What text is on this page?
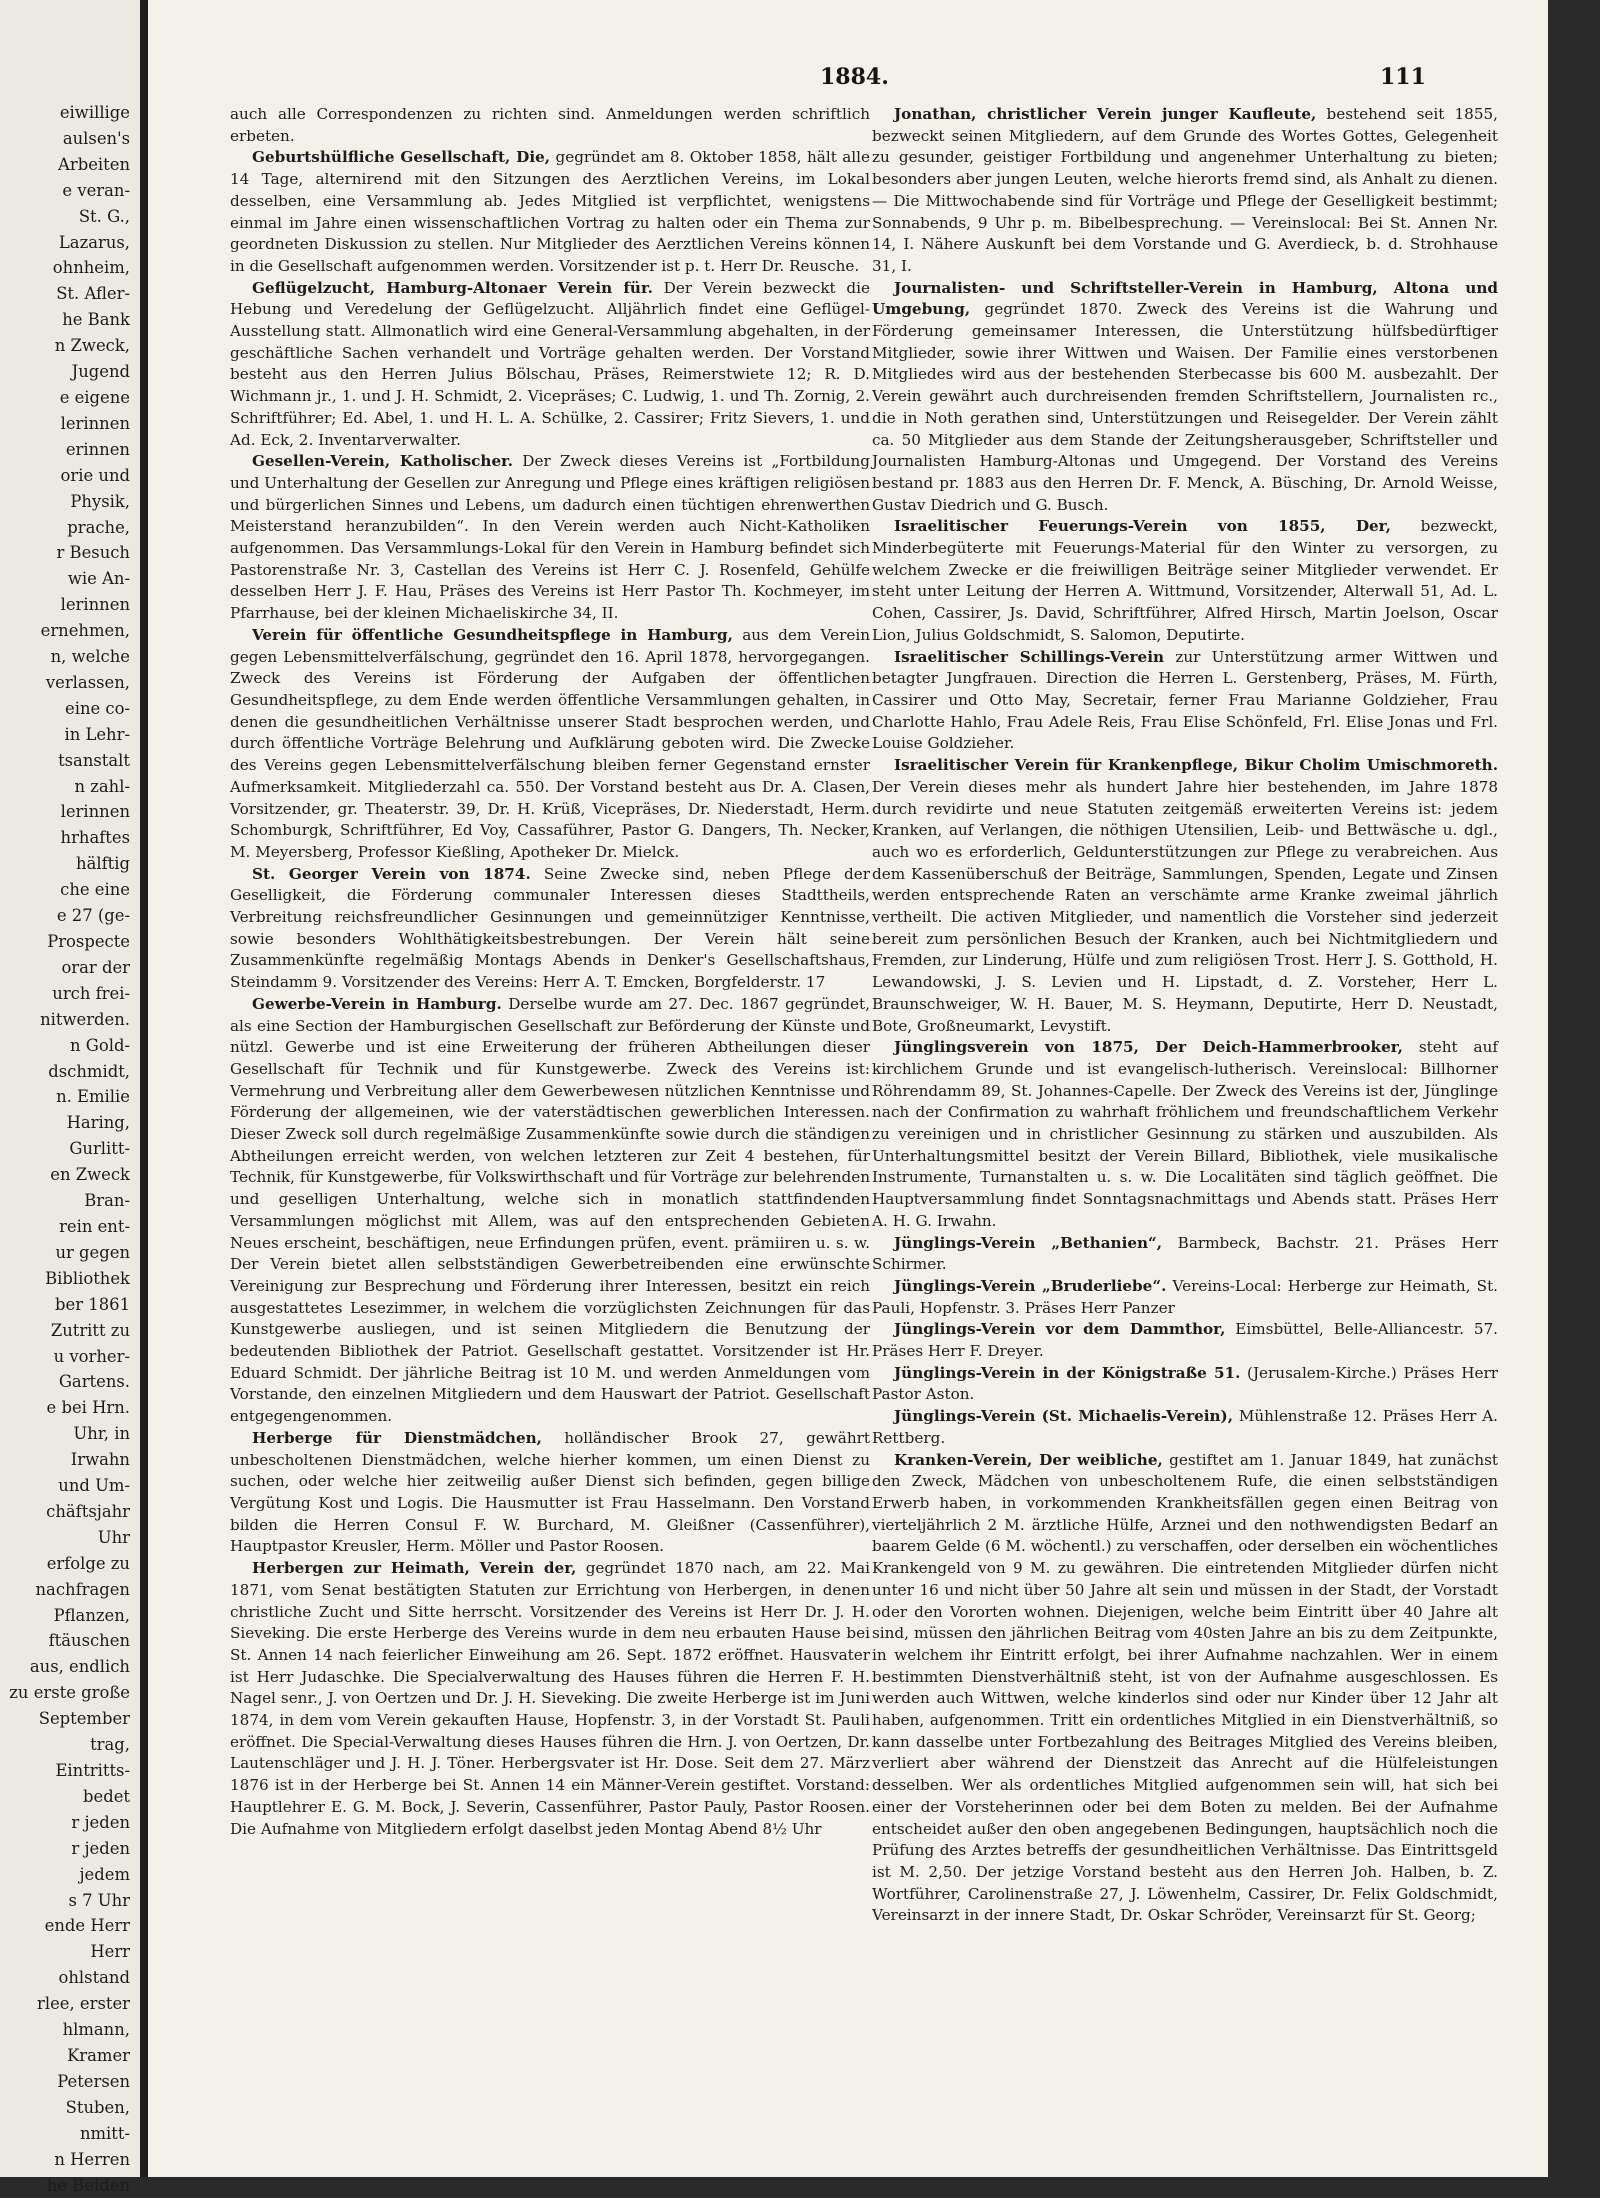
eiwillige
aulsen's
Arbeiten
e veran-
St. G.,
Lazarus,
ohnheim,
St. Afler-
he Bank
n Zweck,
Jugend
e eigene
lerinnen
erinnen
orie und
Physik,
prache,
r Besuch
wie An-
lerinnen
ernehmen,
n, welche
verlassen,
eine co-
in Lehr-
tsanstalt
n zahl-
lerinnen
hrhaftes
hälftig
che eine
e 27 (ge-
Prospecte
orar der
urch frei-
nitwerden.
n Gold-
dschmidt,
n. Emilie
Haring,
Gurlitt-
en Zweck
Bran-
rein ent-
ur gegen
Bibliothek
ber 1861
Zutritt zu
u vorher-
Gartens.
e bei Hrn.
Uhr, in
Irwahn
und Um-
chäftsjahr
Uhr
erfolge zu
nachfragen
Pflanzen,
ftäuschen
aus, endlich
zu erste große
September
trag,
Eintritts-
bedet
r jeden
r jeden
jedem
s 7 Uhr
ende Herr
Herr
ohlstand
rlee, erster
hlmann,
Kramer
Petersen
Stuben,
nmitt-
n Herren
he Beiden
1884.	111

auch alle Correspondenzen zu richten sind. Anmeldungen werden schriftlich erbeten.

Geburtshülfliche Gesellschaft, Die, gegründet am 8. Oktober 1858, hält alle 14 Tage, alternirend mit den Sitzungen des Aerztlichen Vereins, im Lokal desselben, eine Versammlung ab. Jedes Mitglied ist verpflichtet, wenigstens einmal im Jahre einen wissenschaftlichen Vortrag zu halten oder ein Thema zur geordneten Diskussion zu stellen. Nur Mitglieder des Aerztlichen Vereins können in die Gesellschaft aufgenommen werden. Vorsitzender ist p. t. Herr Dr. Reusche.

Geflügelzucht, Hamburg-Altonaer Verein für. Der Verein bezweckt die Hebung und Veredelung der Geflügelzucht. Alljährlich findet eine Geflügel-Ausstellung statt. Allmonatlich wird eine General-Versammlung abgehalten, in der geschäftliche Sachen verhandelt und Vorträge gehalten werden. Der Vorstand besteht aus den Herren Julius Bölschau, Präses, Reimerstwiete 12; R. D. Wichmann jr., 1. und J. H. Schmidt, 2. Vicepräses; C. Ludwig, 1. und Th. Zornig, 2. Schriftführer; Ed. Abel, 1. und H. L. A. Schülke, 2. Cassirer; Fritz Sievers, 1. und Ad. Eck, 2. Inventarverwalter.

Gesellen-Verein, Katholischer. Der Zweck dieses Vereins ist „Fortbildung und Unterhaltung der Gesellen zur Anregung und Pflege eines kräftigen religiösen und bürgerlichen Sinnes und Lebens, um dadurch einen tüchtigen ehrenwerthen Meisterstand heranzubilden“. In den Verein werden auch Nicht-Katholiken aufgenommen. Das Versammlungs-Lokal für den Verein in Hamburg befindet sich Pastorenstraße Nr. 3, Castellan des Vereins ist Herr C. J. Rosenfeld, Gehülfe desselben Herr J. F. Hau, Präses des Vereins ist Herr Pastor Th. Kochmeyer, im Pfarrhause, bei der kleinen Michaeliskirche 34, II.

Verein für öffentliche Gesundheitspflege in Hamburg, aus dem Verein gegen Lebensmittelverfälschung, gegründet den 16. April 1878, hervorgegangen. Zweck des Vereins ist Förderung der Aufgaben der öffentlichen Gesundheitspflege, zu dem Ende werden öffentliche Versammlungen gehalten, in denen die gesundheitlichen Verhältnisse unserer Stadt besprochen werden, und durch öffentliche Vorträge Belehrung und Aufklärung geboten wird. Die Zwecke des Vereins gegen Lebensmittelverfälschung bleiben ferner Gegenstand ernster Aufmerksamkeit. Mitgliederzahl ca. 550. Der Vorstand besteht aus Dr. A. Clasen, Vorsitzender, gr. Theaterstr. 39, Dr. H. Krüß, Vicepräses, Dr. Niederstadt, Herm. Schomburgk, Schriftführer, Ed Voy, Cassaführer, Pastor G. Dangers, Th. Necker, M. Meyersberg, Professor Kießling, Apotheker Dr. Mielck.

St. Georger Verein von 1874. Seine Zwecke sind, neben Pflege der Geselligkeit, die Förderung communaler Interessen dieses Stadttheils, Verbreitung reichsfreundlicher Gesinnungen und gemeinnütziger Kenntnisse, sowie besonders Wohlthätigkeitsbestrebungen. Der Verein hält seine Zusammenkünfte regelmäßig Montags Abends in Denker's Gesellschaftshaus, Steindamm 9. Vorsitzender des Vereins: Herr A. T. Emcken, Borgfelderstr. 17

Gewerbe-Verein in Hamburg. Derselbe wurde am 27. Dec. 1867 gegründet, als eine Section der Hamburgischen Gesellschaft zur Beförderung der Künste und nützl. Gewerbe und ist eine Erweiterung der früheren Abtheilungen dieser Gesellschaft für Technik und für Kunstgewerbe. Zweck des Vereins ist: Vermehrung und Verbreitung aller dem Gewerbewesen nützlichen Kenntnisse und Förderung der allgemeinen, wie der vaterstädtischen gewerblichen Interessen. Dieser Zweck soll durch regelmäßige Zusammenkünfte sowie durch die ständigen Abtheilungen erreicht werden, von welchen letzteren zur Zeit 4 bestehen, für Technik, für Kunstgewerbe, für Volkswirthschaft und für Vorträge zur belehrenden und geselligen Unterhaltung, welche sich in monatlich stattfindenden Versammlungen möglichst mit Allem, was auf den entsprechenden Gebieten Neues erscheint, beschäftigen, neue Erfindungen prüfen, event. prämiiren u. s. w. Der Verein bietet allen selbstständigen Gewerbetreibenden eine erwünschte Vereinigung zur Besprechung und Förderung ihrer Interessen, besitzt ein reich ausgestattetes Lesezimmer, in welchem die vorzüglichsten Zeichnungen für das Kunstgewerbe ausliegen, und ist seinen Mitgliedern die Benutzung der bedeutenden Bibliothek der Patriot. Gesellschaft gestattet. Vorsitzender ist Hr. Eduard Schmidt. Der jährliche Beitrag ist 10 M. und werden Anmeldungen vom Vorstande, den einzelnen Mitgliedern und dem Hauswart der Patriot. Gesellschaft entgegengenommen.

Herberge für Dienstmädchen, holländischer Brook 27, gewährt unbescholtenen Dienstmädchen, welche hierher kommen, um einen Dienst zu suchen, oder welche hier zeitweilig außer Dienst sich befinden, gegen billige Vergütung Kost und Logis. Die Hausmutter ist Frau Hasselmann. Den Vorstand bilden die Herren Consul F. W. Burchard, M. Gleißner (Cassenführer), Hauptpastor Kreusler, Herm. Möller und Pastor Roosen.

Herbergen zur Heimath, Verein der, gegründet 1870 nach, am 22. Mai 1871, vom Senat bestätigten Statuten zur Errichtung von Herbergen, in denen christliche Zucht und Sitte herrscht. Vorsitzender des Vereins ist Herr Dr. J. H. Sieveking. Die erste Herberge des Vereins wurde in dem neu erbauten Hause bei St. Annen 14 nach feierlicher Einweihung am 26. Sept. 1872 eröffnet. Hausvater ist Herr Judaschke. Die Specialverwaltung des Hauses führen die Herren F. H. Nagel senr., J. von Oertzen und Dr. J. H. Sieveking. Die zweite Herberge ist im Juni 1874, in dem vom Verein gekauften Hause, Hopfenstr. 3, in der Vorstadt St. Pauli eröffnet. Die Special-Verwaltung dieses Hauses führen die Hrn. J. von Oertzen, Dr. Lautenschläger und J. H. J. Töner. Herbergsvater ist Hr. Dose. Seit dem 27. März 1876 ist in der Herberge bei St. Annen 14 ein Männer-Verein gestiftet. Vorstand: Hauptlehrer E. G. M. Bock, J. Severin, Cassenführer, Pastor Pauly, Pastor Roosen. Die Aufnahme von Mitgliedern erfolgt daselbst jeden Montag Abend 8½ Uhr

Jonathan, christlicher Verein junger Kaufleute, bestehend seit 1855, bezweckt seinen Mitgliedern, auf dem Grunde des Wortes Gottes, Gelegenheit zu gesunder, geistiger Fortbildung und angenehmer Unterhaltung zu bieten; besonders aber jungen Leuten, welche hierorts fremd sind, als Anhalt zu dienen. — Die Mittwochabende sind für Vorträge und Pflege der Geselligkeit bestimmt; Sonnabends, 9 Uhr p. m. Bibelbesprechung. — Vereinslocal: Bei St. Annen Nr. 14, I. Nähere Auskunft bei dem Vorstande und G. Averdieck, b. d. Strohhause 31, I.

Journalisten- und Schriftsteller-Verein in Hamburg, Altona und Umgebung, gegründet 1870. Zweck des Vereins ist die Wahrung und Förderung gemeinsamer Interessen, die Unterstützung hülfsbedürftiger Mitglieder, sowie ihrer Wittwen und Waisen. Der Familie eines verstorbenen Mitgliedes wird aus der bestehenden Sterbecasse bis 600 M. ausbezahlt. Der Verein gewährt auch durchreisenden fremden Schriftstellern, Journalisten rc., die in Noth gerathen sind, Unterstützungen und Reisegelder. Der Verein zählt ca. 50 Mitglieder aus dem Stande der Zeitungsherausgeber, Schriftsteller und Journalisten Hamburg-Altonas und Umgegend. Der Vorstand des Vereins bestand pr. 1883 aus den Herren Dr. F. Menck, A. Büsching, Dr. Arnold Weisse, Gustav Diedrich und G. Busch.

Israelitischer Feuerungs-Verein von 1855, Der, bezweckt, Minderbegüterte mit Feuerungs-Material für den Winter zu versorgen, zu welchem Zwecke er die freiwilligen Beiträge seiner Mitglieder verwendet. Er steht unter Leitung der Herren A. Wittmund, Vorsitzender, Alterwall 51, Ad. L. Cohen, Cassirer, Js. David, Schriftführer, Alfred Hirsch, Martin Joelson, Oscar Lion, Julius Goldschmidt, S. Salomon, Deputirte.

Israelitischer Schillings-Verein zur Unterstützung armer Wittwen und betagter Jungfrauen. Direction die Herren L. Gerstenberg, Präses, M. Fürth, Cassirer und Otto May, Secretair, ferner Frau Marianne Goldzieher, Frau Charlotte Hahlo, Frau Adele Reis, Frau Elise Schönfeld, Frl. Elise Jonas und Frl. Louise Goldzieher.

Israelitischer Verein für Krankenpflege, Bikur Cholim Umischmoreth. Der Verein dieses mehr als hundert Jahre hier bestehenden, im Jahre 1878 durch revidirte und neue Statuten zeitgemäß erweiterten Vereins ist: jedem Kranken, auf Verlangen, die nöthigen Utensilien, Leib- und Bettwäsche u. dgl., auch wo es erforderlich, Geldunterstützungen zur Pflege zu verabreichen. Aus dem Kassenüberschuß der Beiträge, Sammlungen, Spenden, Legate und Zinsen werden entsprechende Raten an verschämte arme Kranke zweimal jährlich vertheilt. Die activen Mitglieder, und namentlich die Vorsteher sind jederzeit bereit zum persönlichen Besuch der Kranken, auch bei Nichtmitgliedern und Fremden, zur Linderung, Hülfe und zum religiösen Trost. Herr J. S. Gotthold, H. Lewandowski, J. S. Levien und H. Lipstadt, d. Z. Vorsteher, Herr L. Braunschweiger, W. H. Bauer, M. S. Heymann, Deputirte, Herr D. Neustadt, Bote, Großneumarkt, Levystift.

Jünglingsverein von 1875, Der Deich-Hammerbrooker, steht auf kirchlichem Grunde und ist evangelisch-lutherisch. Vereinslocal: Billhorner Röhrendamm 89, St. Johannes-Capelle. Der Zweck des Vereins ist der, Jünglinge nach der Confirmation zu wahrhaft fröhlichem und freundschaftlichem Verkehr zu vereinigen und in christlicher Gesinnung zu stärken und auszubilden. Als Unterhaltungsmittel besitzt der Verein Billard, Bibliothek, viele musikalische Instrumente, Turnanstalten u. s. w. Die Localitäten sind täglich geöffnet. Die Hauptversammlung findet Sonntagsnachmittags und Abends statt. Präses Herr A. H. G. Irwahn.

Jünglings-Verein „Bethanien“, Barmbeck, Bachstr. 21. Präses Herr Schirmer.

Jünglings-Verein „Bruderliebe“. Vereins-Local: Herberge zur Heimath, St. Pauli, Hopfenstr. 3. Präses Herr Panzer

Jünglings-Verein vor dem Dammthor, Eimsbüttel, Belle-Alliancestr. 57. Präses Herr F. Dreyer.

Jünglings-Verein in der Königstraße 51. (Jerusalem-Kirche.) Präses Herr Pastor Aston.

Jünglings-Verein (St. Michaelis-Verein), Mühlenstraße 12. Präses Herr A. Rettberg.

Kranken-Verein, Der weibliche, gestiftet am 1. Januar 1849, hat zunächst den Zweck, Mädchen von unbescholtenem Rufe, die einen selbstständigen Erwerb haben, in vorkommenden Krankheitsfällen gegen einen Beitrag von vierteljährlich 2 M. ärztliche Hülfe, Arznei und den nothwendigsten Bedarf an baarem Gelde (6 M. wöchentl.) zu verschaffen, oder derselben ein wöchentliches Krankengeld von 9 M. zu gewähren. Die eintretenden Mitglieder dürfen nicht unter 16 und nicht über 50 Jahre alt sein und müssen in der Stadt, der Vorstadt oder den Vororten wohnen. Diejenigen, welche beim Eintritt über 40 Jahre alt sind, müssen den jährlichen Beitrag vom 40sten Jahre an bis zu dem Zeitpunkte, in welchem ihr Eintritt erfolgt, bei ihrer Aufnahme nachzahlen. Wer in einem bestimmten Dienstverhältniß steht, ist von der Aufnahme ausgeschlossen. Es werden auch Wittwen, welche kinderlos sind oder nur Kinder über 12 Jahr alt haben, aufgenommen. Tritt ein ordentliches Mitglied in ein Dienstverhältniß, so kann dasselbe unter Fortbezahlung des Beitrages Mitglied des Vereins bleiben, verliert aber während der Dienstzeit das Anrecht auf die Hülfeleistungen desselben. Wer als ordentliches Mitglied aufgenommen sein will, hat sich bei einer der Vorsteherinnen oder bei dem Boten zu melden. Bei der Aufnahme entscheidet außer den oben angegebenen Bedingungen, hauptsächlich noch die Prüfung des Arztes betreffs der gesundheitlichen Verhältnisse. Das Eintrittsgeld ist M. 2,50. Der jetzige Vorstand besteht aus den Herren Joh. Halben, b. Z. Wortführer, Carolinenstraße 27, J. Löwenhelm, Cassirer, Dr. Felix Goldschmidt, Vereinsarzt in der innere Stadt, Dr. Oskar Schröder, Vereinsarzt für St. Georg;
